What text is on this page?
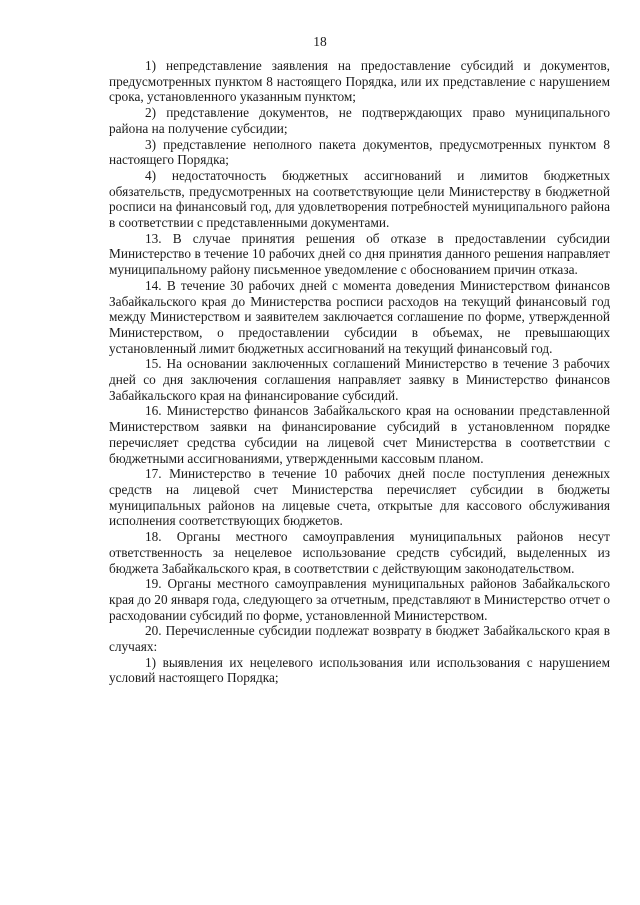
18

1) непредставление заявления на предоставление субсидий и документов, предусмотренных пунктом 8 настоящего Порядка, или их представление с нарушением срока, установленного указанным пунктом;

2) представление документов, не подтверждающих право муниципального района на получение субсидии;

3) представление неполного пакета документов, предусмотренных пунктом 8 настоящего Порядка;

4) недостаточность бюджетных ассигнований и лимитов бюджетных обязательств, предусмотренных на соответствующие цели Министерству в бюджетной росписи на финансовый год, для удовлетворения потребностей муниципального района в соответствии с представленными документами.

13. В случае принятия решения об отказе в предоставлении субсидии Министерство в течение 10 рабочих дней со дня принятия данного решения направляет муниципальному району письменное уведомление с обоснованием причин отказа.

14. В течение 30 рабочих дней с момента доведения Министерством финансов Забайкальского края до Министерства росписи расходов на текущий финансовый год между Министерством и заявителем заключается соглашение по форме, утвержденной Министерством, о предоставлении субсидии в объемах, не превышающих установленный лимит бюджетных ассигнований на текущий финансовый год.

15. На основании заключенных соглашений Министерство в течение 3 рабочих дней со дня заключения соглашения направляет заявку в Министерство финансов Забайкальского края на финансирование субсидий.

16. Министерство финансов Забайкальского края на основании представленной Министерством заявки на финансирование субсидий в установленном порядке перечисляет средства субсидии на лицевой счет Министерства в соответствии с бюджетными ассигнованиями, утвержденными кассовым планом.

17. Министерство в течение 10 рабочих дней после поступления денежных средств на лицевой счет Министерства перечисляет субсидии в бюджеты муниципальных районов на лицевые счета, открытые для кассового обслуживания исполнения соответствующих бюджетов.

18. Органы местного самоуправления муниципальных районов несут ответственность за нецелевое использование средств субсидий, выделенных из бюджета Забайкальского края, в соответствии с действующим законодательством.

19. Органы местного самоуправления муниципальных районов Забайкальского края до 20 января года, следующего за отчетным, представляют в Министерство отчет о расходовании субсидий по форме, установленной Министерством.

20. Перечисленные субсидии подлежат возврату в бюджет Забайкальского края в случаях:

1) выявления их нецелевого использования или использования с нарушением условий настоящего Порядка;
